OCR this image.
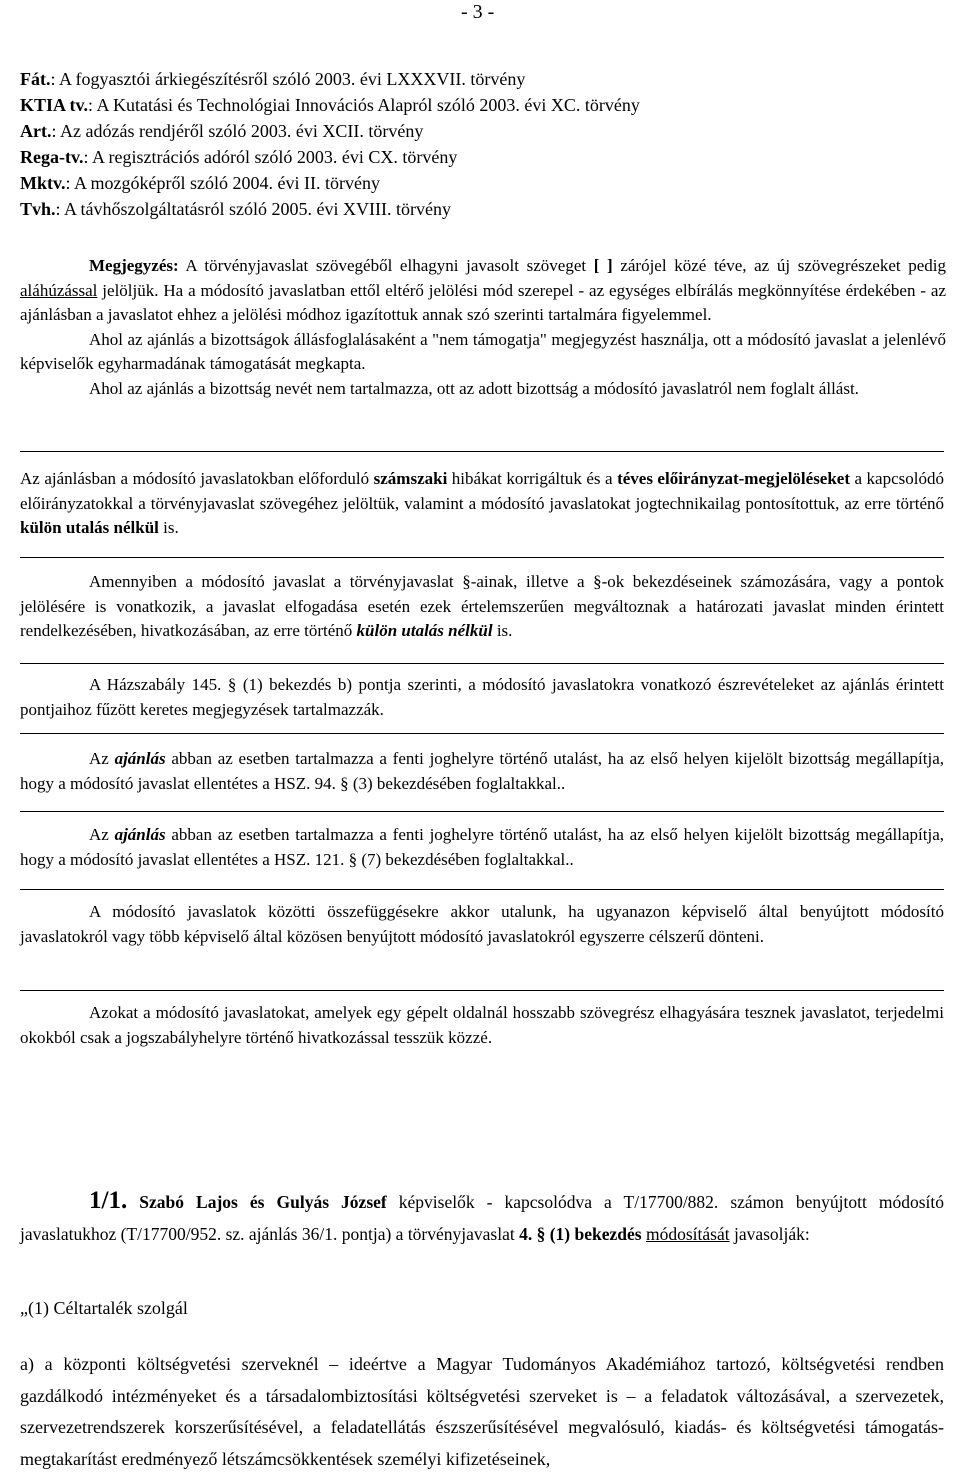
- 3 -
Fát.: A fogyasztói árkiegészítésről szóló 2003. évi LXXXVII. törvény
KTIA tv.: A Kutatási és Technológiai Innovációs Alapról szóló 2003. évi XC. törvény
Art.: Az adózás rendjéről szóló 2003. évi XCII. törvény
Rega-tv.: A regisztrációs adóról szóló 2003. évi CX. törvény
Mktv.: A mozgóképről szóló 2004. évi II. törvény
Tvh.: A távhőszolgáltatásról szóló 2005. évi XVIII. törvény
Megjegyzés: A törvényjavaslat szövegéből elhagyni javasolt szöveget [ ] zárójel közé téve, az új szövegrészeket pedig aláhúzással jelöljük. Ha a módosító javaslatban ettől eltérő jelölési mód szerepel - az egységes elbírálás megkönnyítése érdekében - az ajánlásban a javaslatot ehhez a jelölési módhoz igazítottuk annak szó szerinti tartalmára figyelemmel.
Ahol az ajánlás a bizottságok állásfoglalásaként a "nem támogatja" megjegyzést használja, ott a módosító javaslat a jelenlévő képviselők egyharmadának támogatását megkapta.
Ahol az ajánlás a bizottság nevét nem tartalmazza, ott az adott bizottság a módosító javaslatról nem foglalt állást.
Az ajánlásban a módosító javaslatokban előforduló számszaki hibákat korrigáltuk és a téves előirányzat-megjelöléseket a kapcsolódó előirányzatokkal a törvényjavaslat szövegéhez jelöltük, valamint a módosító javaslatokat jogtechnikailag pontosítottuk, az erre történő külön utalás nélkül is.
Amennyiben a módosító javaslat a törvényjavaslat §-ainak, illetve a §-ok bekezdéseinek számozására, vagy a pontok jelölésére is vonatkozik, a javaslat elfogadása esetén ezek értelemszerűen megváltoznak a határozati javaslat minden érintett rendelkezésében, hivatkozásában, az erre történő külön utalás nélkül is.
A Házszabály 145. § (1) bekezdés b) pontja szerinti, a módosító javaslatokra vonatkozó észrevételeket az ajánlás érintett pontjaihoz fűzött keretes megjegyzések tartalmazzák.
Az ajánlás abban az esetben tartalmazza a fenti joghelyre történő utalást, ha az első helyen kijelölt bizottság megállapítja, hogy a módosító javaslat ellentétes a HSZ. 94. § (3) bekezdésében foglaltakkal..
Az ajánlás abban az esetben tartalmazza a fenti joghelyre történő utalást, ha az első helyen kijelölt bizottság megállapítja, hogy a módosító javaslat ellentétes a HSZ. 121. § (7) bekezdésében foglaltakkal..
A módosító javaslatok közötti összefüggésekre akkor utalunk, ha ugyanazon képviselő által benyújtott módosító javaslatokról vagy több képviselő által közösen benyújtott módosító javaslatokról egyszerre célszerű dönteni.
Azokat a módosító javaslatokat, amelyek egy gépelt oldalnál hosszabb szövegrész elhagyására tesznek javaslatot, terjedelmi okokból csak a jogszabályhelyre történő hivatkozással tesszük közzé.
1/1. Szabó Lajos és Gulyás József képviselők - kapcsolódva a T/17700/882. számon benyújtott módosító javaslatukhoz (T/17700/952. sz. ajánlás 36/1. pontja) a törvényjavaslat 4. § (1) bekezdés módosítását javasolják:
„(1) Céltartalék szolgál
a) a központi költségvetési szerveknél – ideértve a Magyar Tudományos Akadémiához tartozó, költségvetési rendben gazdálkodó intézményeket és a társadalombiztosítási költségvetési szerveket is – a feladatok változásával, a szervezetek, szervezetrendszerek korszerűsítésével, a feladatellátás észszerűsítésével megvalósuló, kiadás- és költségvetési támogatás-megtakarítást eredményező létszámcsökkentések személyi kifizetéseinek,
